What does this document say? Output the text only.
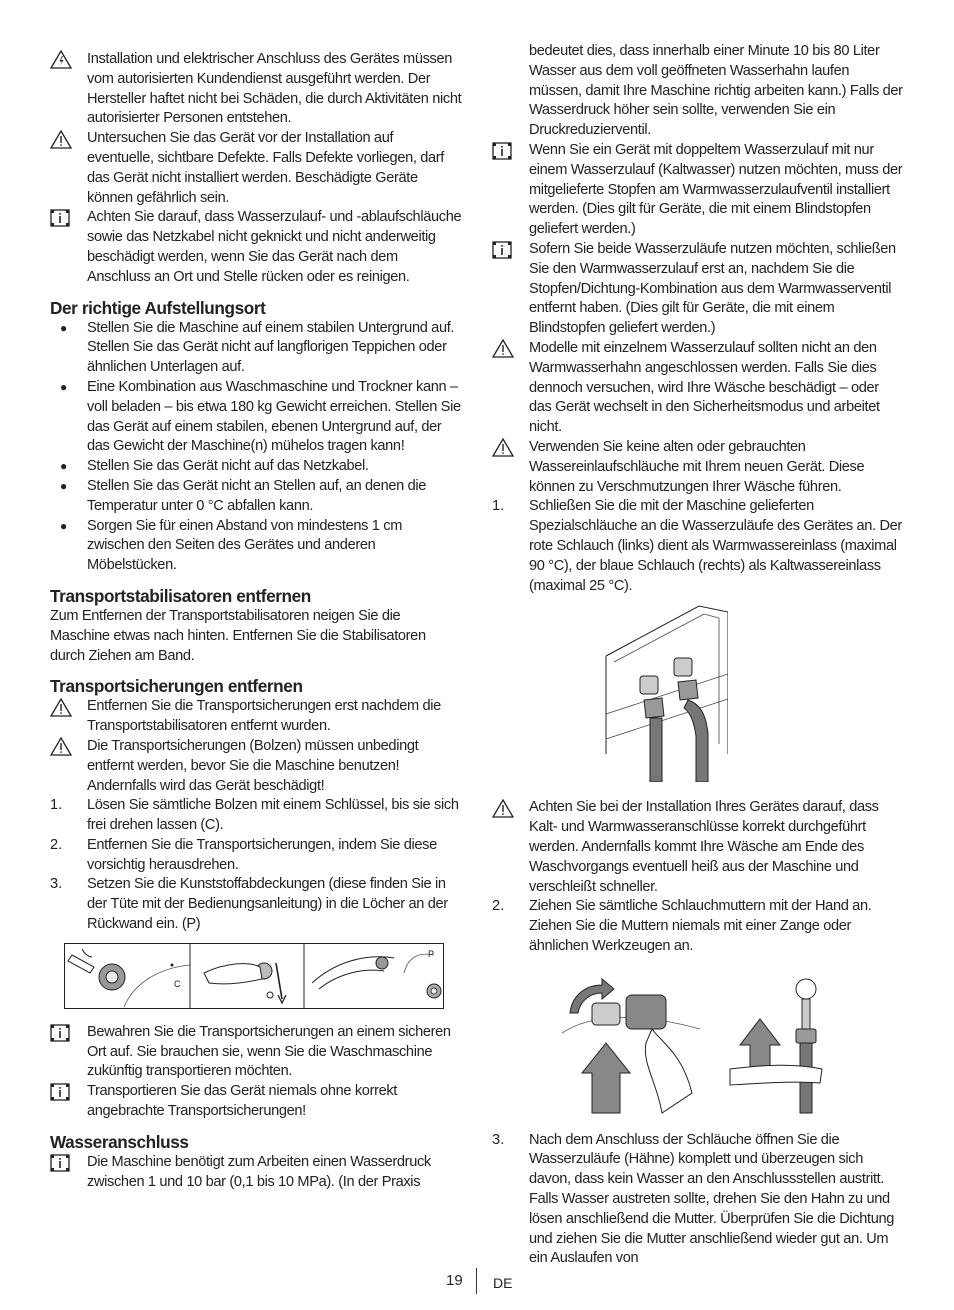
Installation und elektrischer Anschluss des Gerätes müssen vom autorisierten Kundendienst ausgeführt werden. Der Hersteller haftet nicht bei Schäden, die durch Aktivitäten nicht autorisierter Personen entstehen.
Untersuchen Sie das Gerät vor der Installation auf eventuelle, sichtbare Defekte. Falls Defekte vorliegen, darf das Gerät nicht installiert werden. Beschädigte Geräte können gefährlich sein.
Achten Sie darauf, dass Wasserzulauf- und -ablaufschläuche sowie das Netzkabel nicht geknickt und nicht anderweitig beschädigt werden, wenn Sie das Gerät nach dem Anschluss an Ort und Stelle rücken oder es reinigen.
Der richtige Aufstellungsort
●	Stellen Sie die Maschine auf einem stabilen Untergrund auf. Stellen Sie das Gerät nicht auf langflorigen Teppichen oder ähnlichen Unterlagen auf.
●	Eine Kombination aus Waschmaschine und Trockner kann – voll beladen – bis etwa 180 kg Gewicht erreichen. Stellen Sie das Gerät auf einem stabilen, ebenen Untergrund auf, der das Gewicht der Maschine(n) mühelos tragen kann!
●	Stellen Sie das Gerät nicht auf das Netzkabel.
●	Stellen Sie das Gerät nicht an Stellen auf, an denen die Temperatur unter 0 °C abfallen kann.
●	Sorgen Sie für einen Abstand von mindestens 1 cm zwischen den Seiten des Gerätes und anderen Möbelstücken.
Transportstabilisatoren entfernen
Zum Entfernen der Transportstabilisatoren neigen Sie die Maschine etwas nach hinten. Entfernen Sie die Stabilisatoren durch Ziehen am Band.
Transportsicherungen entfernen
Entfernen Sie die Transportsicherungen erst nachdem die Transportstabilisatoren entfernt wurden.
Die Transportsicherungen (Bolzen) müssen unbedingt entfernt werden, bevor Sie die Maschine benutzen! Andernfalls wird das Gerät beschädigt!
1.	Lösen Sie sämtliche Bolzen mit einem Schlüssel, bis sie sich frei drehen lassen (C).
2.	Entfernen Sie die Transportsicherungen, indem Sie diese vorsichtig herausdrehen.
3.	Setzen Sie die Kunststoffabdeckungen (diese finden Sie in der Tüte mit der Bedienungsanleitung) in die Löcher an der Rückwand ein. (P)
C
P
Bewahren Sie die Transportsicherungen an einem sicheren Ort auf. Sie brauchen sie, wenn Sie die Waschmaschine zukünftig transportieren möchten.
Transportieren Sie das Gerät niemals ohne korrekt angebrachte Transportsicherungen!
Wasseranschluss
Die Maschine benötigt zum Arbeiten einen Wasserdruck zwischen 1 und 10 bar (0,1 bis 10 MPa). (In der Praxis
bedeutet dies, dass innerhalb einer Minute 10 bis 80 Liter Wasser aus dem voll geöffneten Wasserhahn laufen müssen, damit Ihre Maschine richtig arbeiten kann.) Falls der Wasserdruck höher sein sollte, verwenden Sie ein Druckreduzierventil.
Wenn Sie ein Gerät mit doppeltem Wasserzulauf mit nur einem Wasserzulauf (Kaltwasser) nutzen möchten, muss der mitgelieferte Stopfen am Warmwasserzulaufventil installiert werden. (Dies gilt für Geräte, die mit einem Blindstopfen geliefert werden.)
Sofern Sie beide Wasserzuläufe nutzen möchten, schließen Sie den Warmwasserzulauf erst an, nachdem Sie die Stopfen/Dichtung-Kombination aus dem Warmwasserventil entfernt haben. (Dies gilt für Geräte, die mit einem Blindstopfen geliefert werden.)
Modelle mit einzelnem Wasserzulauf sollten nicht an den Warmwasserhahn angeschlossen werden. Falls Sie dies dennoch versuchen, wird Ihre Wäsche beschädigt – oder das Gerät wechselt in den Sicherheitsmodus und arbeitet nicht.
Verwenden Sie keine alten oder gebrauchten Wassereinlaufschläuche mit Ihrem neuen Gerät. Diese können zu Verschmutzungen Ihrer Wäsche führen.
1.	Schließen Sie die mit der Maschine gelieferten Spezialschläuche an die Wasserzuläufe des Gerätes an. Der rote Schlauch (links) dient als Warmwassereinlass (maximal 90 °C), der blaue Schlauch (rechts) als Kaltwassereinlass (maximal 25 °C).
Achten Sie bei der Installation Ihres Gerätes darauf, dass Kalt- und Warmwasseranschlüsse korrekt durchgeführt werden. Andernfalls kommt Ihre Wäsche am Ende des Waschvorgangs eventuell heiß aus der Maschine und verschleißt schneller.
2.	Ziehen Sie sämtliche Schlauchmuttern mit der Hand an. Ziehen Sie die Muttern niemals mit einer Zange oder ähnlichen Werkzeugen an.
3.	Nach dem Anschluss der Schläuche öffnen Sie die Wasserzuläufe (Hähne) komplett und überzeugen sich davon, dass kein Wasser an den Anschlussstellen austritt. Falls Wasser austreten sollte, drehen Sie den Hahn zu und lösen anschließend die Mutter. Überprüfen Sie die Dichtung und ziehen Sie die Mutter anschließend wieder gut an. Um ein Auslaufen von
19 DE
